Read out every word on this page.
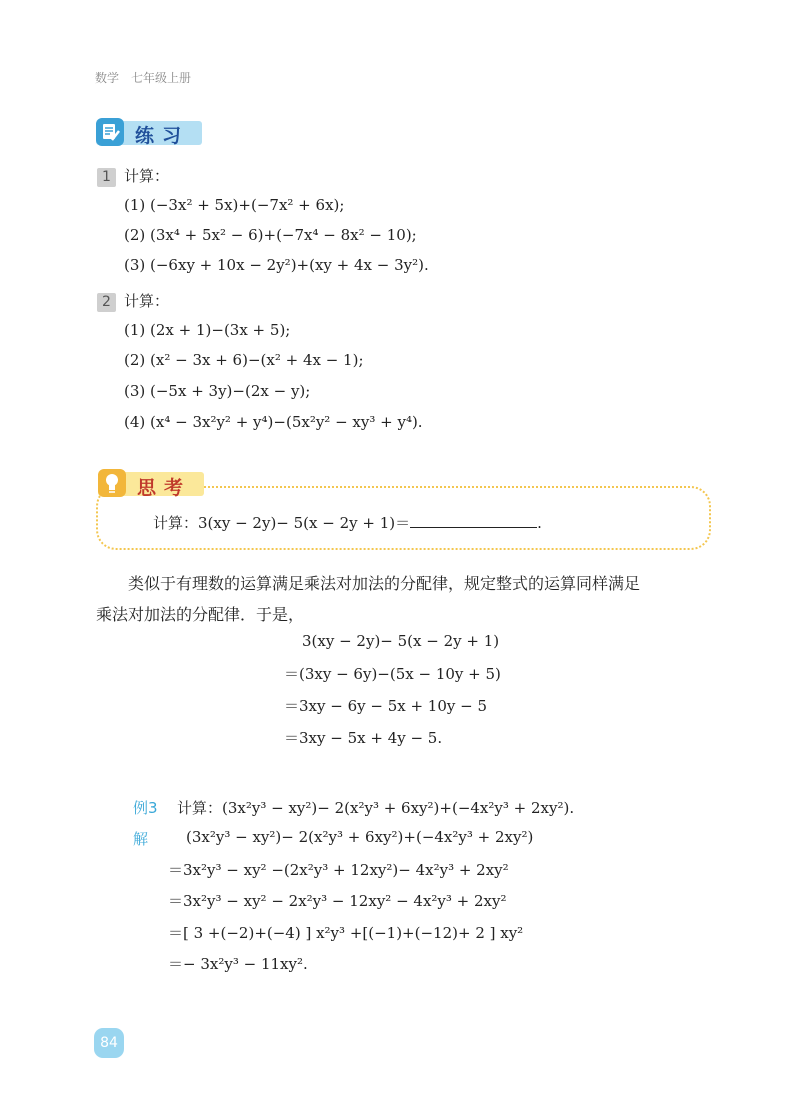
数学　七年级上册
练习
1 计算：
(1) (−3x² + 5x)+(−7x² + 6x);
(2) (3x⁴ + 5x² − 6)+(−7x⁴ − 8x² − 10);
(3) (−6xy + 10x − 2y²)+(xy + 4x − 3y²).
2 计算：
(1) (2x + 1)−(3x + 5);
(2) (x² − 3x + 6)−(x² + 4x − 1);
(3) (−5x + 3y)−(2x − y);
(4) (x⁴ − 3x²y² + y⁴)−(5x²y² − xy³ + y⁴).
思考
计算：3(xy − 2y)− 5(x − 2y + 1)＝	.
类似于有理数的运算满足乘法对加法的分配律，规定整式的运算同样满足
乘法对加法的分配律．于是，
3(xy − 2y)− 5(x − 2y + 1)
＝(3xy − 6y)−(5x − 10y + 5)
＝3xy − 6y − 5x + 10y − 5
＝3xy − 5x + 4y − 5.
例3 计算：(3x²y³ − xy²)− 2(x²y³ + 6xy²)+(−4x²y³ + 2xy²).
解	(3x²y³ − xy²)− 2(x²y³ + 6xy²)+(−4x²y³ + 2xy²)
＝3x²y³ − xy² −(2x²y³ + 12xy²)− 4x²y³ + 2xy²
＝3x²y³ − xy² − 2x²y³ − 12xy² − 4x²y³ + 2xy²
＝[ 3 +(−2)+(−4) ] x²y³ +[(−1)+(−12)+ 2 ] xy²
＝− 3x²y³ − 11xy².
84
